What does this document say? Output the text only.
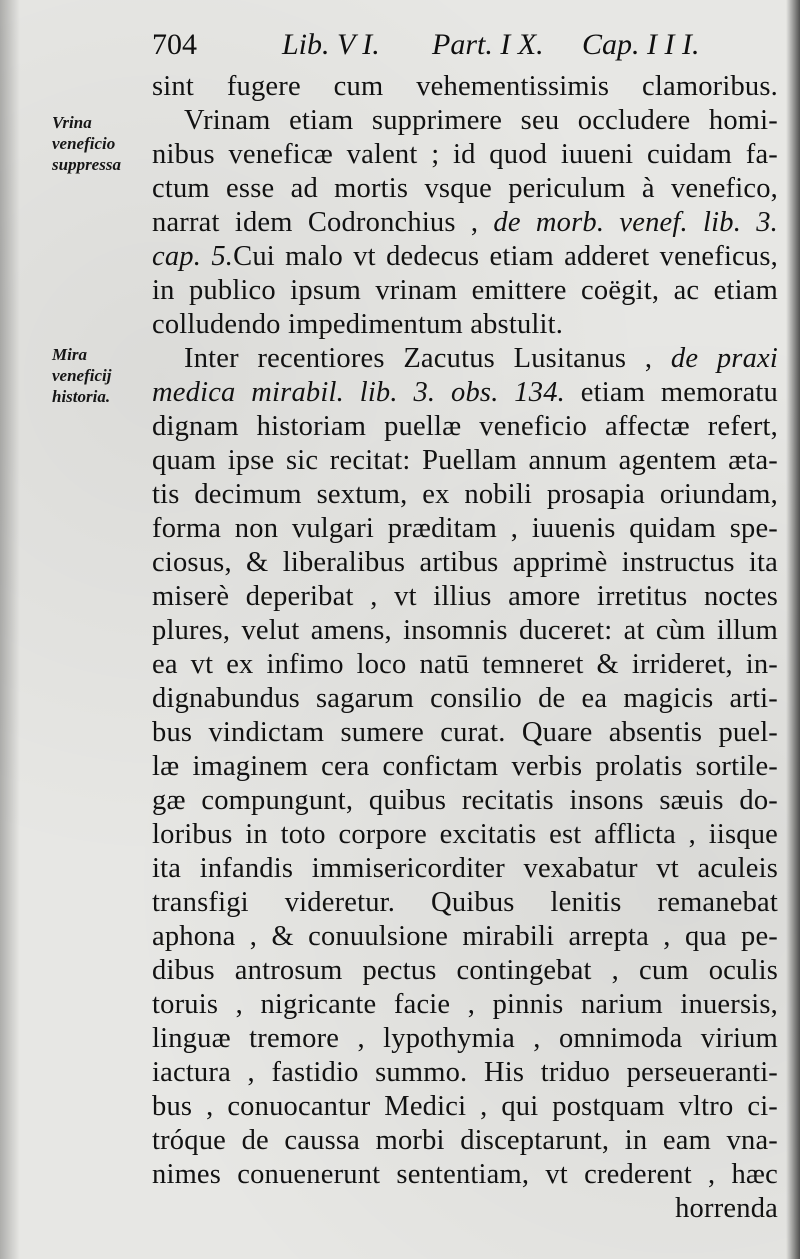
704	Lib. V I. Part. I X. Cap. I I I.
Vrina
veneficio
suppressa
Mira
veneficij
historia.
sint fugere cum vehementissimis clamoribus.
Vrinam etiam supprimere seu occludere homi-
nibus veneficæ valent ; id quod iuueni cuidam fa-
ctum esse ad mortis vsque periculum à venefico,
narrat idem Codronchius , de morb. venef. lib. 3.
cap. 5.Cui malo vt dedecus etiam adderet veneficus,
in publico ipsum vrinam emittere coëgit, ac etiam
colludendo impedimentum abstulit.
Inter recentiores Zacutus Lusitanus , de praxi
medica mirabil. lib. 3. obs. 134. etiam memoratu
dignam historiam puellæ veneficio affectæ refert,
quam ipse sic recitat: Puellam annum agentem æta-
tis decimum sextum, ex nobili prosapia oriundam,
forma non vulgari præditam , iuuenis quidam spe-
ciosus, & liberalibus artibus apprimè instructus ita
miserè deperibat , vt illius amore irretitus noctes
plures, velut amens, insomnis duceret: at cùm illum
ea vt ex infimo loco natū temneret & irrideret, in-
dignabundus sagarum consilio de ea magicis arti-
bus vindictam sumere curat. Quare absentis puel-
læ imaginem cera confictam verbis prolatis sortile-
gæ compungunt, quibus recitatis insons sæuis do-
loribus in toto corpore excitatis est afflicta , iisque
ita infandis immisericorditer vexabatur vt aculeis
transfigi videretur. Quibus lenitis remanebat
aphona , & conuulsione mirabili arrepta , qua pe-
dibus antrosum pectus contingebat , cum oculis
toruis , nigricante facie , pinnis narium inuersis,
linguæ tremore , lypothymia , omnimoda virium
iactura , fastidio summo. His triduo perseueranti-
bus , conuocantur Medici , qui postquam vltro ci-
tróque de caussa morbi disceptarunt, in eam vna-
nimes conuenerunt sententiam, vt crederent , hæc
horrenda
